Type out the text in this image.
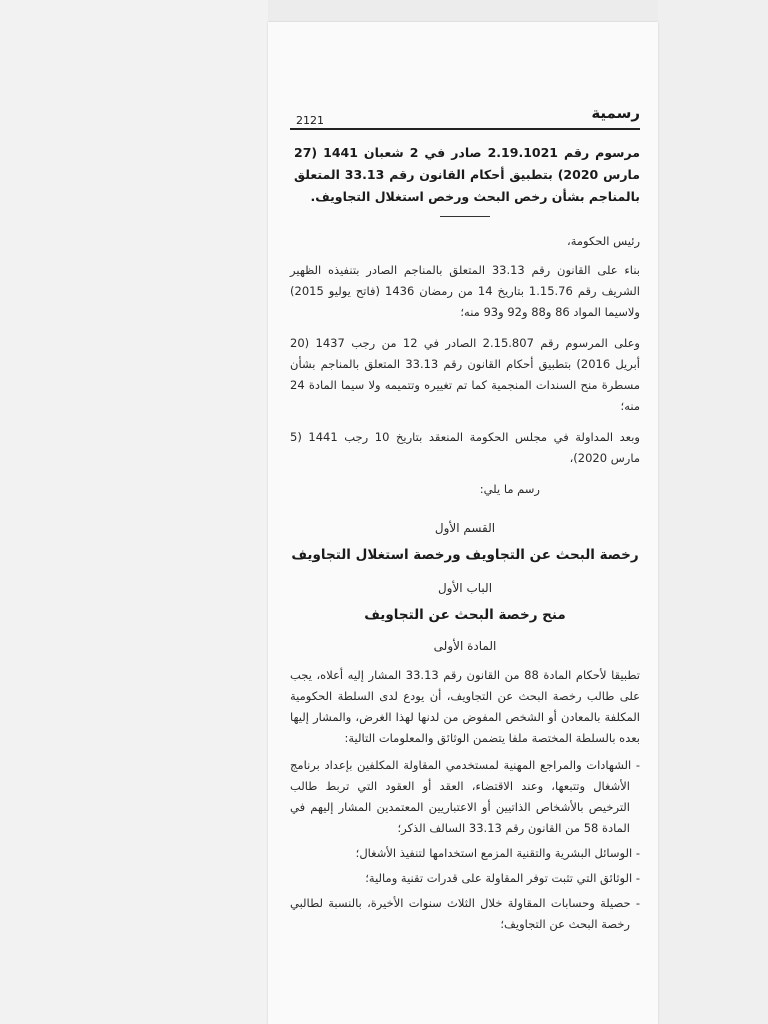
رسمية
2121

مرسوم رقم 2.19.1021 صادر في 2 شعبان 1441 (27 مارس 2020) بتطبيق أحكام القانون رقم 33.13 المتعلق بالمناجم بشأن رخص البحث ورخص استغلال التجاويف.

رئيس الحكومة،

بناء على القانون رقم 33.13 المتعلق بالمناجم الصادر بتنفيذه الظهير الشريف رقم 1.15.76 بتاريخ 14 من رمضان 1436 (فاتح يوليو 2015) ولاسيما المواد 86 و88 و92 و93 منه؛

وعلى المرسوم رقم 2.15.807 الصادر في 12 من رجب 1437 (20 أبريل 2016) بتطبيق أحكام القانون رقم 33.13 المتعلق بالمناجم بشأن مسطرة منح السندات المنجمية كما تم تغييره وتتميمه ولا سيما المادة 24 منه؛

وبعد المداولة في مجلس الحكومة المنعقد بتاريخ 10 رجب 1441 (5 مارس 2020)،

رسم ما يلي:

القسم الأول

رخصة البحث عن التجاويف ورخصة استغلال التجاويف

الباب الأول

منح رخصة البحث عن التجاويف

المادة الأولى

تطبيقا لأحكام المادة 88 من القانون رقم 33.13 المشار إليه أعلاه، يجب على طالب رخصة البحث عن التجاويف، أن يودع لدى السلطة الحكومية المكلفة بالمعادن أو الشخص المفوض من لدنها لهذا الغرض، والمشار إليها بعده بالسلطة المختصة ملفا يتضمن الوثائق والمعلومات التالية:

- الشهادات والمراجع المهنية لمستخدمي المقاولة المكلفين بإعداد برنامج الأشغال وتتبعها، وعند الاقتضاء، العقد أو العقود التي تربط طالب الترخيص بالأشخاص الذاتيين أو الاعتباريين المعتمدين المشار إليهم في المادة 58 من القانون رقم 33.13 السالف الذكر؛

- الوسائل البشرية والتقنية المزمع استخدامها لتنفيذ الأشغال؛

- الوثائق التي تثبت توفر المقاولة على قدرات تقنية ومالية؛

- حصيلة وحسابات المقاولة خلال الثلاث سنوات الأخيرة، بالنسبة لطالبي رخصة البحث عن التجاويف؛
